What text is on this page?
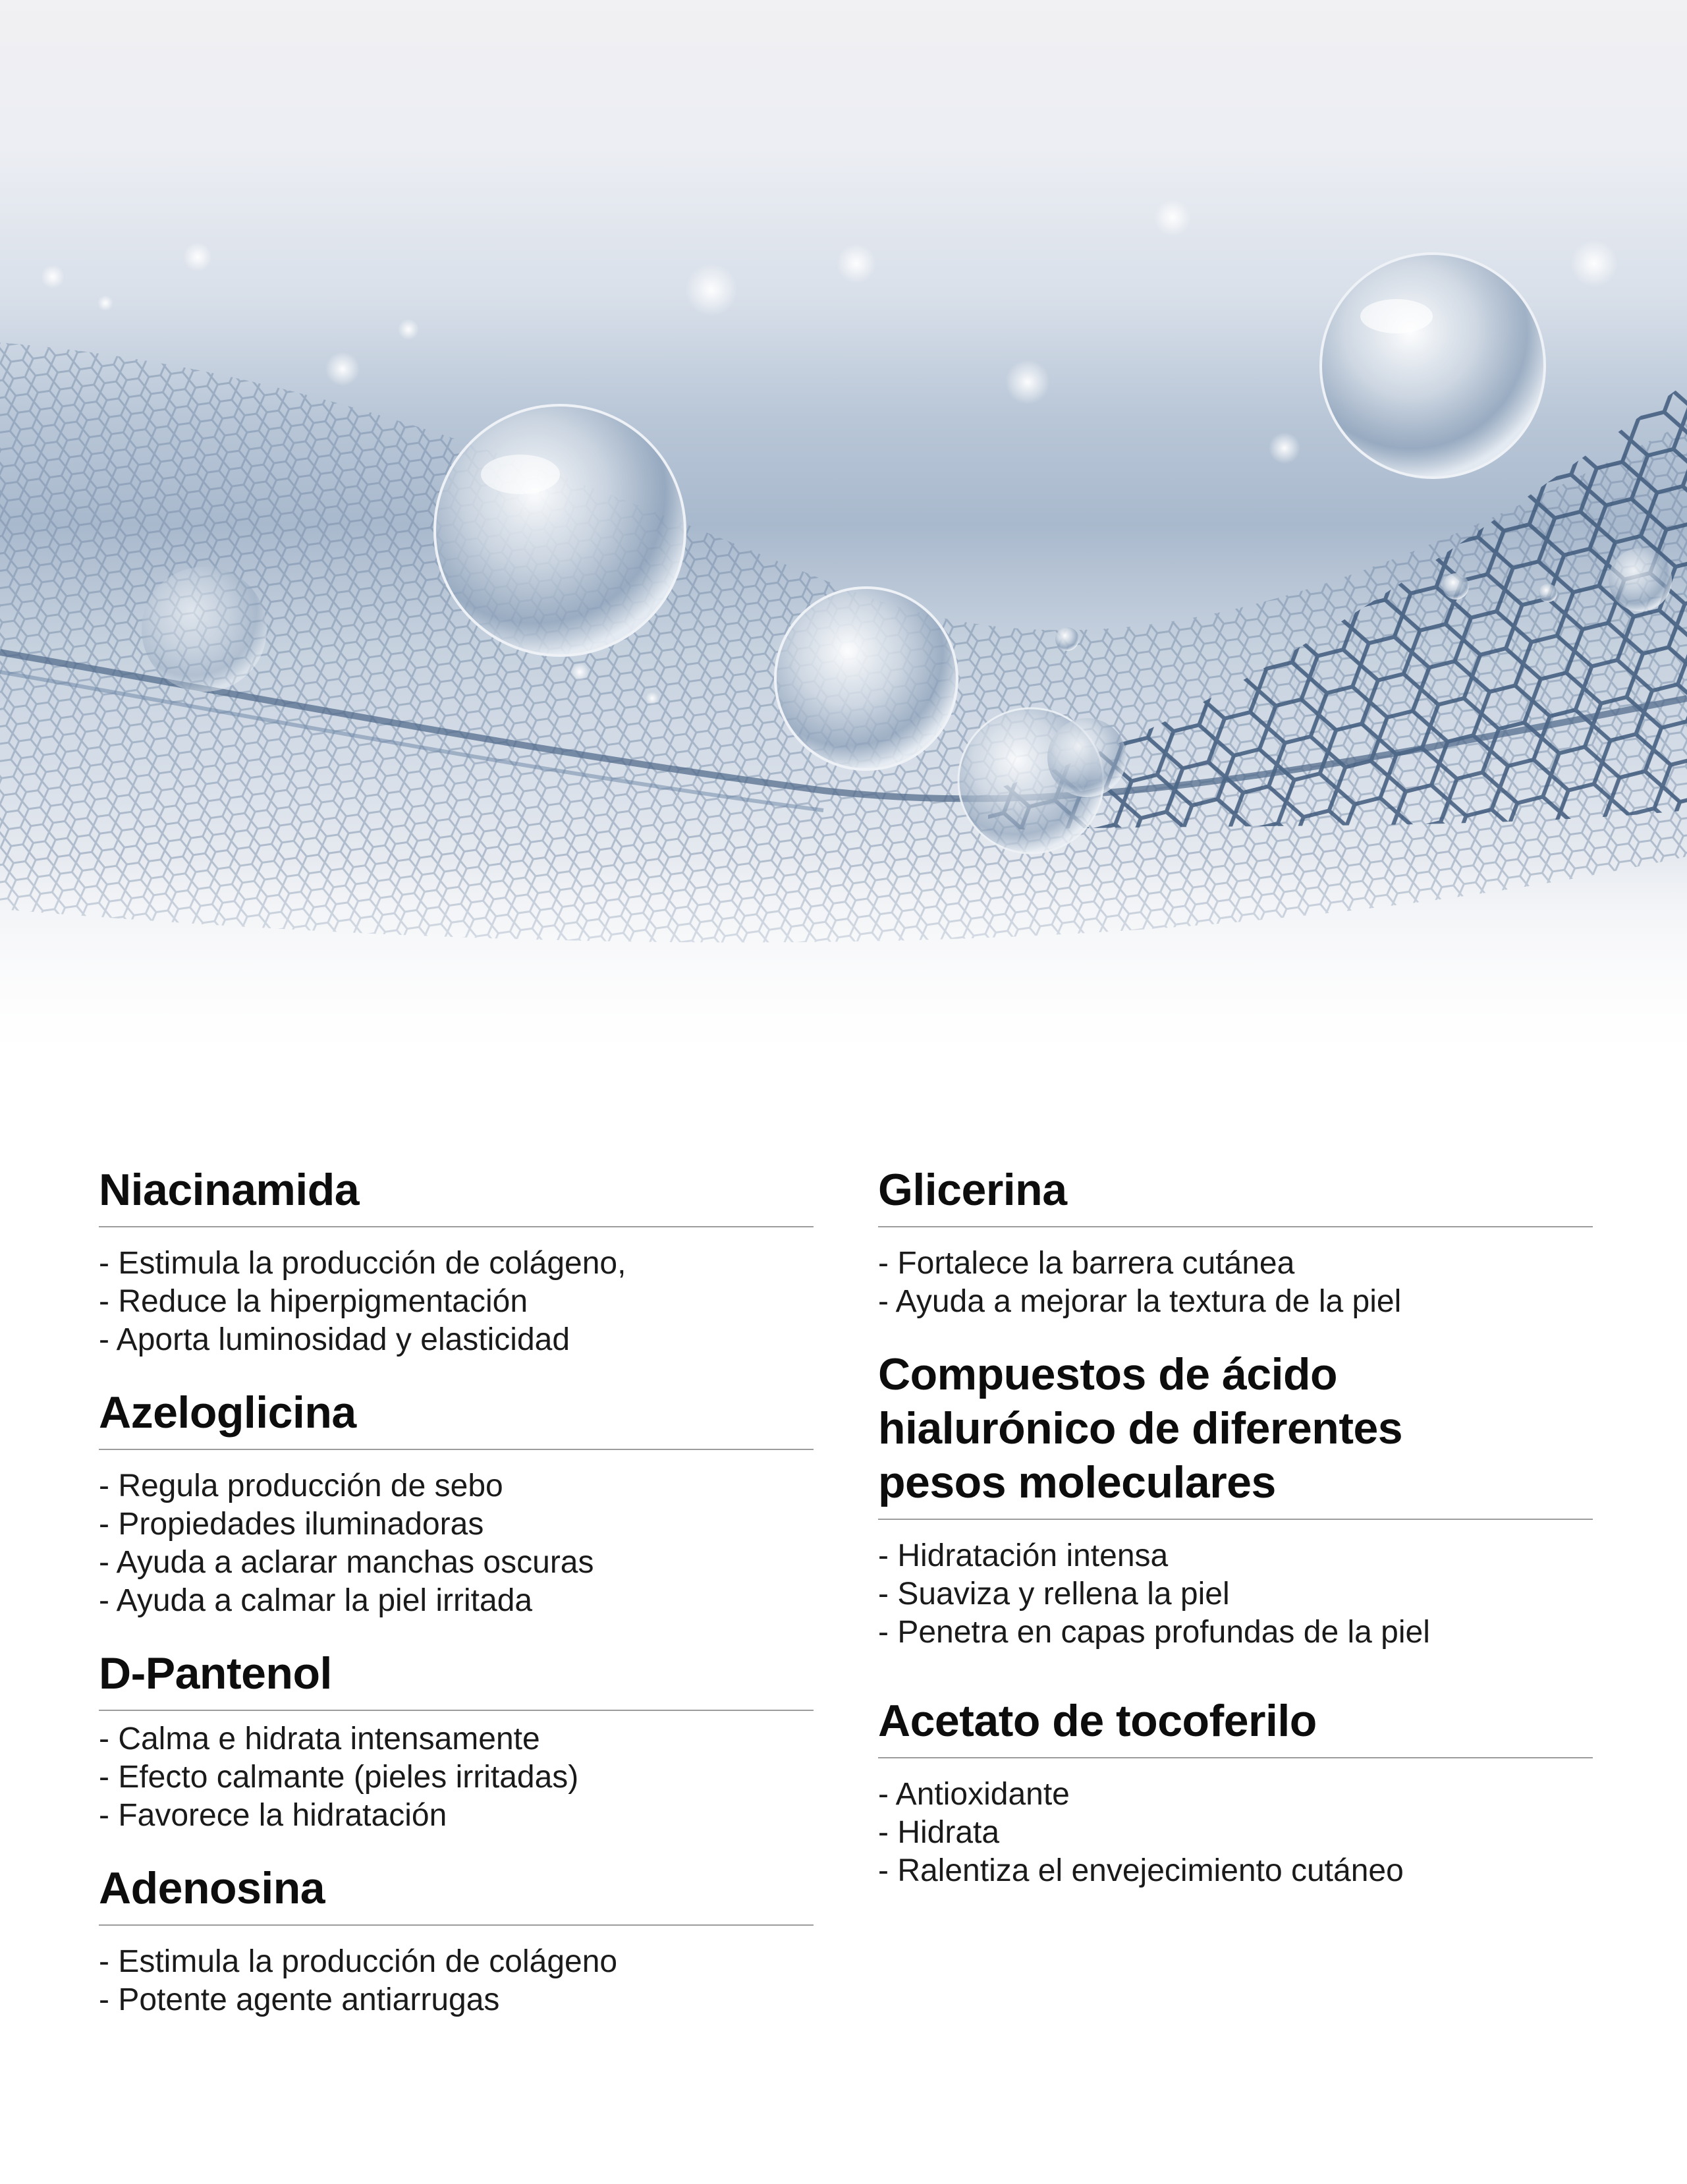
Niacinamida
- Estimula la producción de colágeno,
- Reduce la hiperpigmentación
- Aporta luminosidad y elasticidad
Azeloglicina
- Regula producción de sebo
- Propiedades iluminadoras
- Ayuda a aclarar manchas oscuras
- Ayuda a calmar la piel irritada
D-Pantenol
- Calma e hidrata intensamente
- Efecto calmante (pieles irritadas)
- Favorece la hidratación
Adenosina
- Estimula la producción de colágeno
- Potente agente antiarrugas
Glicerina
- Fortalece la barrera cutánea
- Ayuda a mejorar la textura de la piel
Compuestos de ácido
hialurónico de diferentes
pesos moleculares
- Hidratación intensa
- Suaviza y rellena la piel
- Penetra en capas profundas de la piel
Acetato de tocoferilo
- Antioxidante
- Hidrata
- Ralentiza el envejecimiento cutáneo
